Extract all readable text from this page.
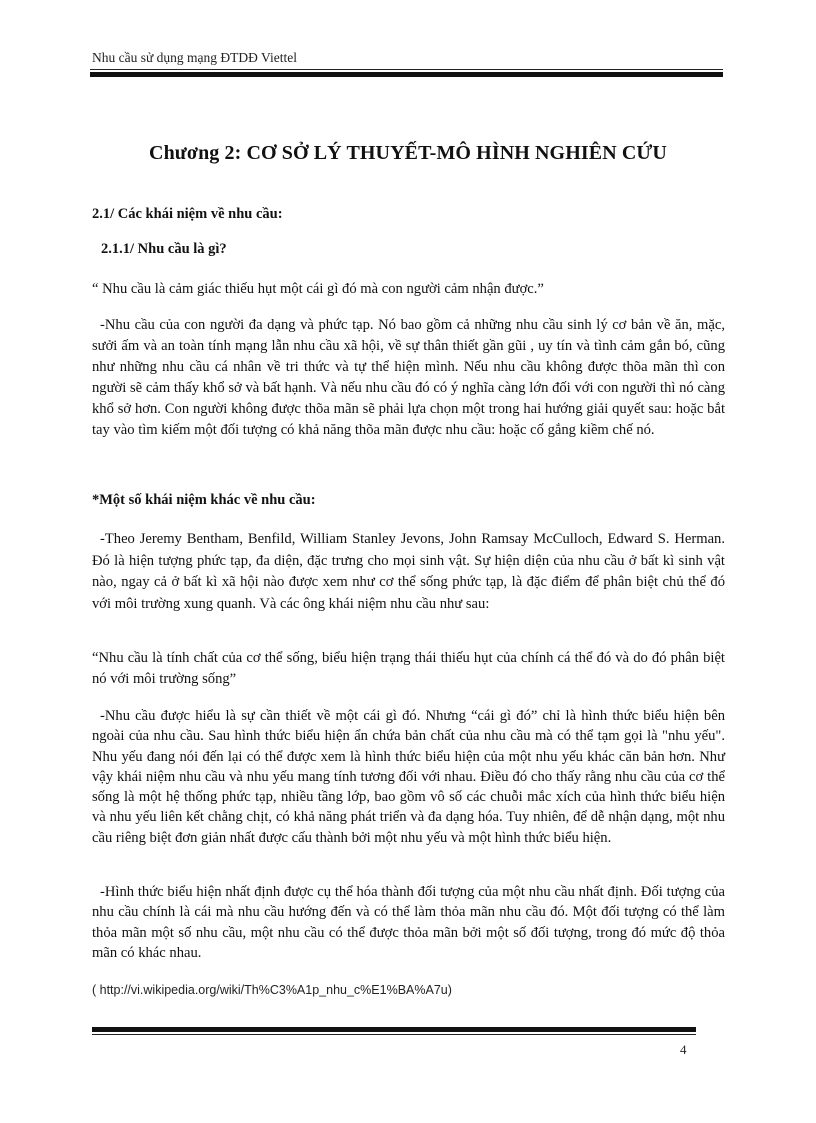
Nhu cầu sử dụng mạng ĐTDĐ Viettel
Chương 2: CƠ SỞ LÝ THUYẾT-MÔ HÌNH NGHIÊN CỨU
2.1/ Các khái niệm về nhu cầu:
2.1.1/ Nhu cầu là gì?

“ Nhu cầu là cảm giác thiếu hụt một cái gì đó mà con người cảm nhận được.”

-Nhu cầu của con người đa dạng và phức tạp. Nó bao gồm cả những nhu cầu sinh lý cơ bản về ăn, mặc, sưởi ấm và an toàn tính mạng lẫn nhu cầu xã hội, về sự thân thiết gần gũi , uy tín và tình cảm gắn bó, cũng như những nhu cầu cá nhân về tri thức và tự thể hiện mình. Nếu nhu cầu không được thõa mãn thì con người sẽ cảm thấy khổ sở và bất hạnh. Và nếu nhu cầu đó có ý nghĩa càng lớn đối với con người thì nó càng khổ sở hơn. Con người không được thõa mãn sẽ phải lựa chọn một trong hai hướng giải quyết sau: hoặc bắt tay vào tìm kiếm một đối tượng có khả năng thõa mãn được nhu cầu: hoặc cố gắng kiềm chế nó.

*Một số khái niệm khác về nhu cầu:

-Theo Jeremy Bentham, Benfild, William Stanley Jevons, John Ramsay McCulloch, Edward S. Herman. Đó là hiện tượng phức tạp, đa diện, đặc trưng cho mọi sinh vật. Sự hiện diện của nhu cầu ở bất kì sinh vật nào, ngay cả ở bất kì xã hội nào được xem như cơ thể sống phức tạp, là đặc điểm để phân biệt chủ thể đó với môi trường xung quanh. Và các ông khái niệm nhu cầu như sau:

“Nhu cầu là tính chất của cơ thể sống, biểu hiện trạng thái thiếu hụt của chính cá thể đó và do đó phân biệt nó với môi trường sống”

-Nhu cầu được hiểu là sự cần thiết về một cái gì đó. Nhưng “cái gì đó” chỉ là hình thức biểu hiện bên ngoài của nhu cầu. Sau hình thức biểu hiện ẩn chứa bản chất của nhu cầu mà có thể tạm gọi là "nhu yếu". Nhu yếu đang nói đến lại có thể được xem là hình thức biểu hiện của một nhu yếu khác căn bản hơn. Như vậy khái niệm nhu cầu và nhu yếu mang tính tương đối với nhau. Điều đó cho thấy rằng nhu cầu của cơ thể sống là một hệ thống phức tạp, nhiều tầng lớp, bao gồm vô số các chuỗi mắc xích của hình thức biểu hiện và nhu yếu liên kết chằng chịt, có khả năng phát triển và đa dạng hóa. Tuy nhiên, để dễ nhận dạng, một nhu cầu riêng biệt đơn giản nhất được cấu thành bởi một nhu yếu và một hình thức biểu hiện.

-Hình thức biểu hiện nhất định được cụ thể hóa thành đối tượng của một nhu cầu nhất định. Đối tượng của nhu cầu chính là cái mà nhu cầu hướng đến và có thể làm thỏa mãn nhu cầu đó. Một đối tượng có thể làm thỏa mãn một số nhu cầu, một nhu cầu có thể được thỏa mãn bởi một số đối tượng, trong đó mức độ thỏa mãn có khác nhau.

( http://vi.wikipedia.org/wiki/Th%C3%A1p_nhu_c%E1%BA%A7u)
4
